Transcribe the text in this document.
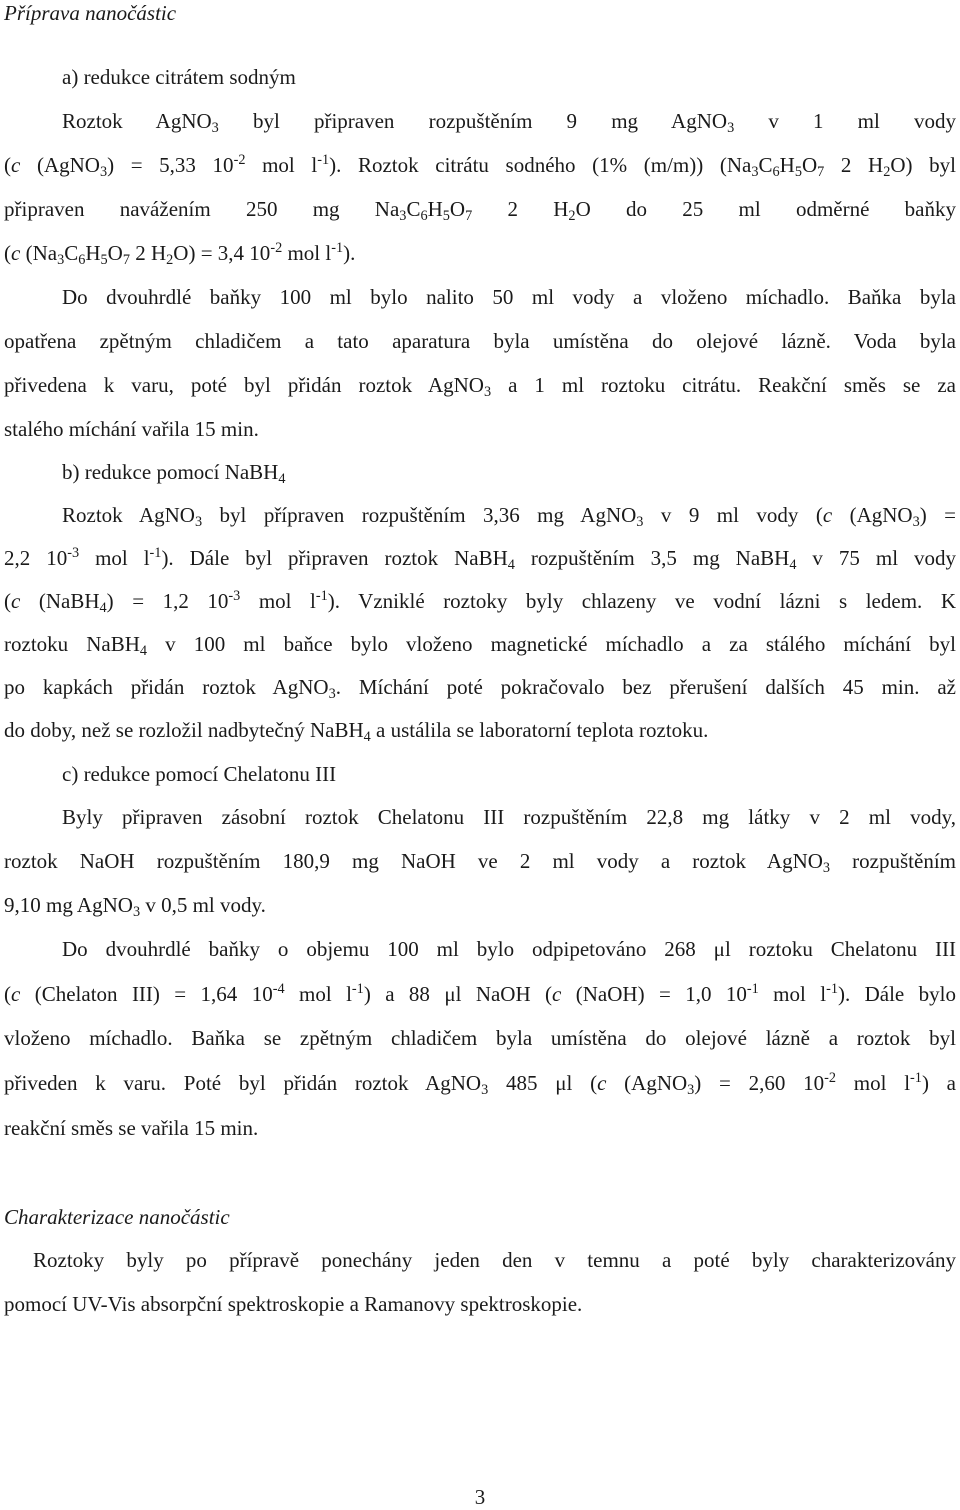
Příprava nanočástic
a) redukce citrátem sodným
Roztok AgNO$_3$ byl připraven rozpuštěním 9 mg AgNO$_3$ v 1 ml vody
(c (AgNO$_3$) = 5,33 $10^{-2}$ mol $l^{-1}$). Roztok citrátu sodného (1% (m/m)) ($Na_3C_6H_5O_7$ 2 $H_2O$) byl
připraven navážením 250 mg $Na_3C_6H_5O_7$ 2 $H_2O$ do 25 ml odměrné baňky
(c ($Na_3C_6H_5O_7$ 2 $H_2O) = 3,4$ $10^{-2}$ mol $l^{-1}$).
Do dvouhrdlé baňky 100 ml bylo nalito 50 ml vody a vloženo míchadlo. Baňka byla
opatřena zpětným chladičem a tato aparatura byla umístěna do olejové lázně. Voda byla
přivedena k varu, poté byl přidán roztok AgNO$_3$ a 1 ml roztoku citrátu. Reakční směs se za
stalého míchání vařila 15 min.
b) redukce pomocí NaBH$_4$
Roztok AgNO$_3$ byl přípraven rozpuštěním 3,36 mg AgNO$_3$ v 9 ml vody (c (AgNO$_3$) =
2,2 $10^{-3}$ mol $l^{-1}$). Dále byl připraven roztok NaBH$_4$ rozpuštěním 3,5 mg NaBH$_4$ v 75 ml vody
(c (NaBH$_4$) = 1,2 $10^{-3}$ mol $l^{-1}$). Vzniklé roztoky byly chlazeny ve vodní lázni s ledem. K
roztoku NaBH$_4$ v 100 ml baňce bylo vloženo magnetické míchadlo a za stálého míchání byl
po kapkách přidán roztok AgNO$_3$. Míchání poté pokračovalo bez přerušení dalších 45 min. až
do doby, než se rozložil nadbytečný NaBH$_4$ a ustálila se laboratorní teplota roztoku.
c) redukce pomocí Chelatonu III
Byly připraven zásobní roztok Chelatonu III rozpuštěním 22,8 mg látky v 2 ml vody,
roztok NaOH rozpuštěním 180,9 mg NaOH ve 2 ml vody a roztok AgNO$_3$ rozpuštěním
9,10 mg AgNO$_3$ v 0,5 ml vody.
Do dvouhrdlé baňky o objemu 100 ml bylo odpipetováno 268 μl roztoku Chelatonu III
(c (Chelaton III) = 1,64 $10^{-4}$ mol $l^{-1}$) a 88 μl NaOH (c (NaOH) = 1,0 $10^{-1}$ mol $l^{-1}$). Dále bylo
vloženo míchadlo. Baňka se zpětným chladičem byla umístěna do olejové lázně a roztok byl
přiveden k varu. Poté byl přidán roztok AgNO$_3$ 485 μl (c (AgNO$_3$) = 2,60 $10^{-2}$ mol $l^{-1}$) a
reakční směs se vařila 15 min.
Charakterizace nanočástic
Roztoky byly po přípravě ponechány jeden den v temnu a poté byly charakterizovány
pomocí UV-Vis absorpční spektroskopie a Ramanovy spektroskopie.
3
